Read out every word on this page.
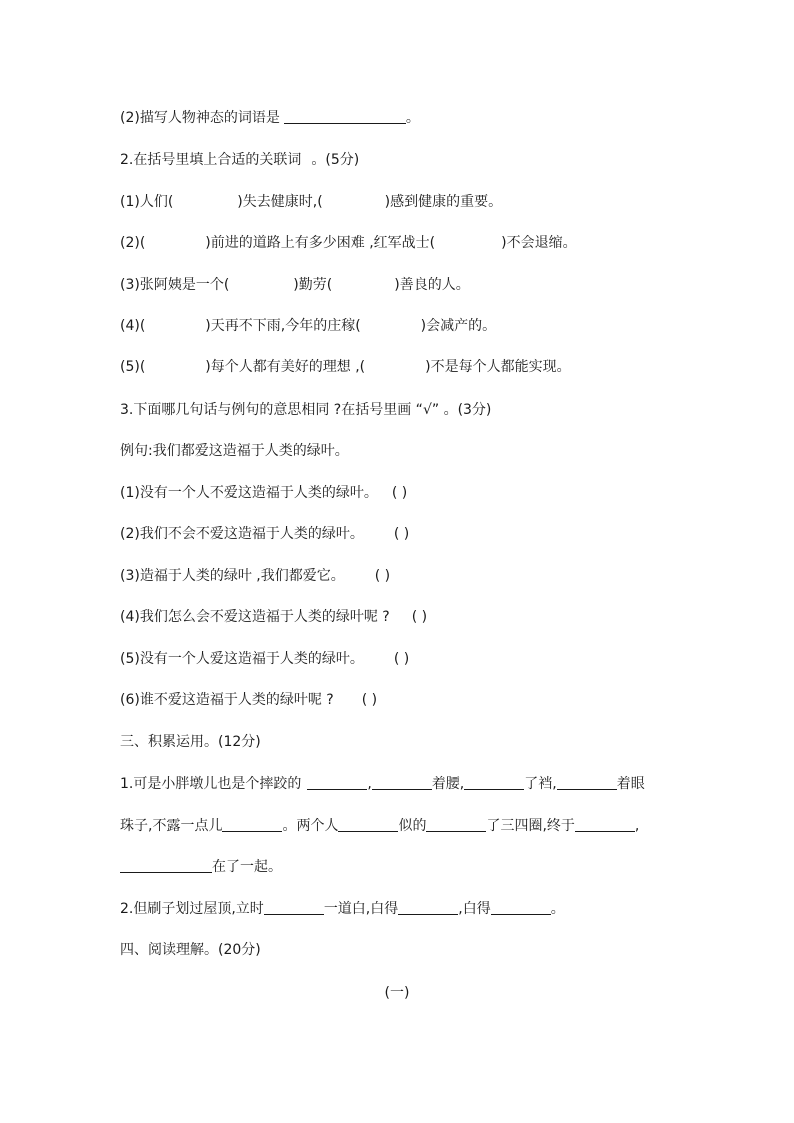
(2)描写人物神态的词语是	。
2.在括号里填上合适的关联词 。(5分)
(1)人们(	)失去健康时,(	)感到健康的重要。
(2)(	)前进的道路上有多少困难 ,红军战士(	)不会退缩。
(3)张阿姨是一个(	)勤劳(	)善良的人。
(4)(	)天再不下雨,今年的庄稼(	)会减产的。
(5)(	)每个人都有美好的理想 ,(	)不是每个人都能实现。
3.下面哪几句话与例句的意思相同 ?在括号里画 “√” 。(3分)
例句:我们都爱这造福于人类的绿叶。
(1)没有一个人不爱这造福于人类的绿叶。 ( )
(2)我们不会不爱这造福于人类的绿叶。 ( )
(3)造福于人类的绿叶 ,我们都爱它。 ( )
(4)我们怎么会不爱这造福于人类的绿叶呢 ? ( )
(5)没有一个人爱这造福于人类的绿叶。 ( )
(6)谁不爱这造福于人类的绿叶呢 ? ( )
三、积累运用。(12分)
1.可是小胖墩儿也是个摔跤的	,	着腰,	了裆,	着眼
珠子,不露一点儿	。两个人	似的	了三四圈,终于	,
在了一起。
2.但刷子划过屋顶,立时	一道白,白得	,白得	。
四、阅读理解。(20分)
(一)
